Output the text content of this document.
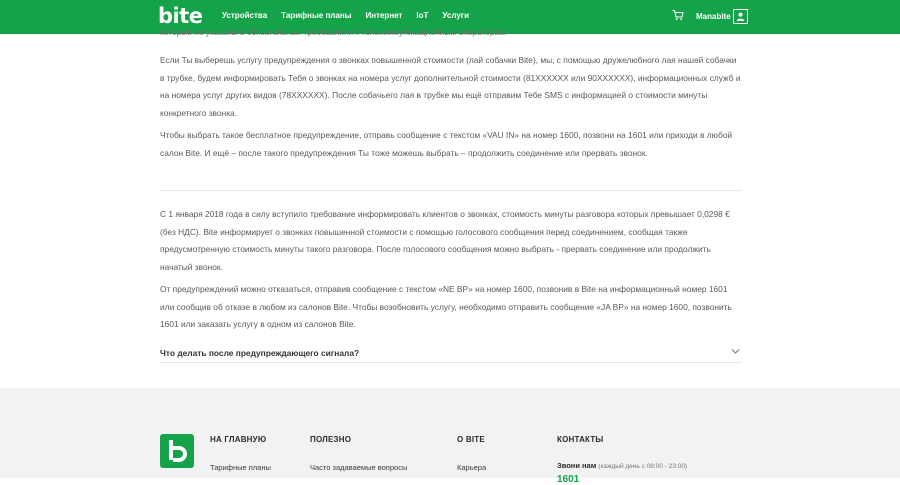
bite Устройства Тарифные планы Интернет IoT Услуги	Manabite

которые не указаны в обязательных требованиях к телекоммуникационным операторам.

Если Ты выберешь услугу предупреждения о звонках повышенной стоимости (лай собачки Bite), мы, с помощью дружелюбного лая нашей собачки в трубке, будем информировать Тебя о звонках на номера услуг дополнительной стоимости (81XXXXXX или 90XXXXXX), информационных служб и на номера услуг других видов (78XXXXXX). После собачьего лая в трубке мы ещё отправим Тебе SMS с информацией о стоимости минуты конкретного звонка.

Чтобы выбрать такое бесплатное предупреждение, отправь сообщение с текстом «VAU IN» на номер 1600, позвони на 1601 или приходи в любой салон Bite. И ещё – после такого предупреждения Ты тоже можешь выбрать – продолжить соединение или прервать звонок.

С 1 января 2018 года в силу вступило требование информировать клиентов о звонках, стоимость минуты разговора которых превышает 0,0298 € (без НДС). Bite информирует о звонках повышенной стоимости с помощью голосового сообщения перед соединением, сообщая также предусмотренную стоимость минуты такого разговора. После голосового сообщения можно выбрать - прервать соединение или продолжить начатый звонок.

От предупреждений можно отказаться, отправив сообщение с текстом «NE BP» на номер 1600, позвонив в Bite на информационный номер 1601 или сообщив об отказе в любом из салонов Bite. Чтобы возобновить услугу, необходимо отправить сообщение «JA BP» на номер 1600, позвонить 1601 или заказать услугу в одном из салонов Bite.

Что делать после предупреждающего сигнала?
НА ГЛАВНУЮ
Тарифные планы
ПОЛЕЗНО
Часто задаваемые вопросы
О BITE
Карьера
КОНТАКТЫ
Звони нам (каждый день с 08:00 - 23:00)
1601
